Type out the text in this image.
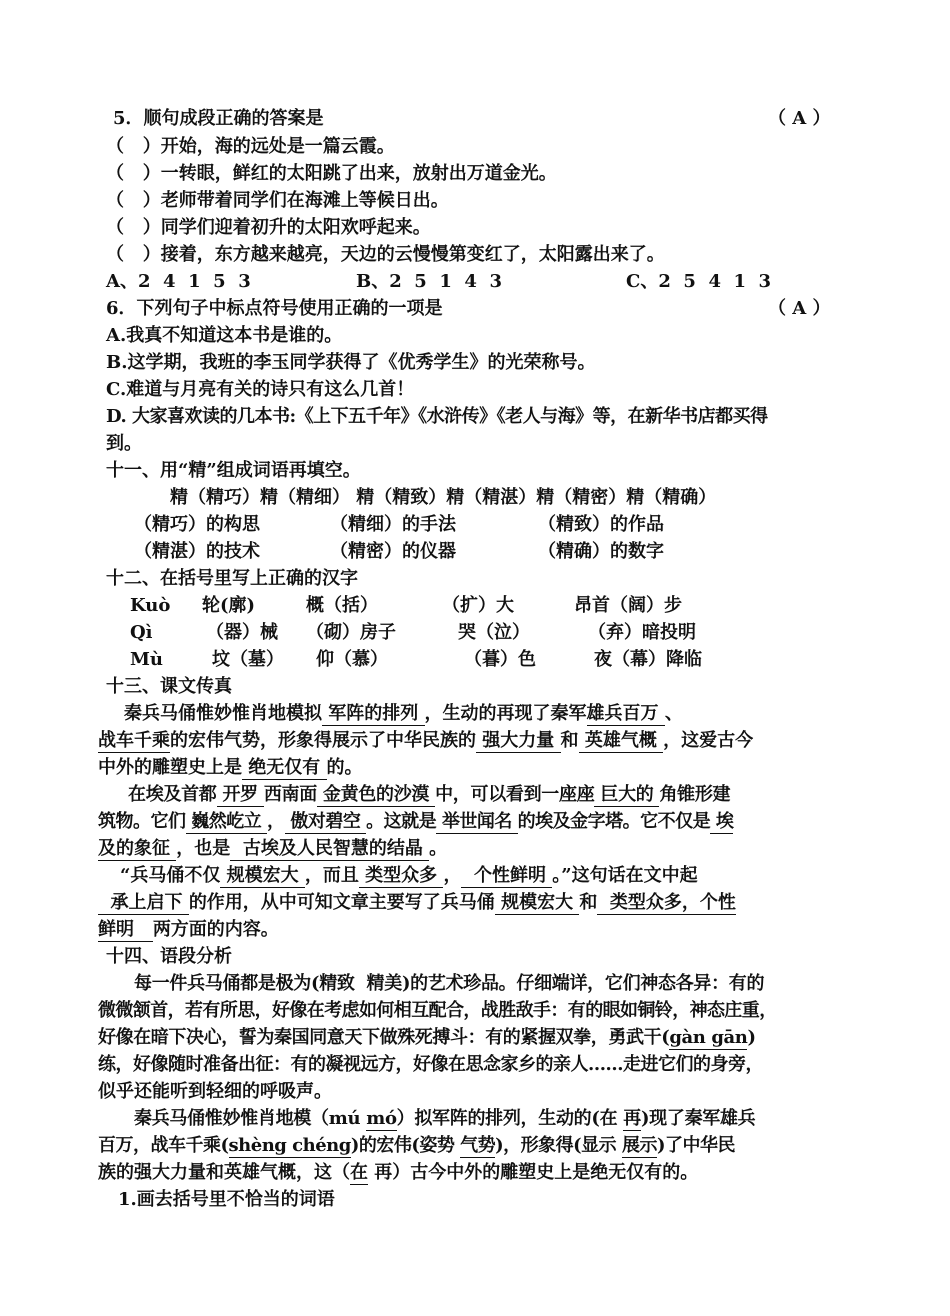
5．顺句成段正确的答案是	（ A ）
（   ）开始，海的远处是一篇云霞。
（   ）一转眼，鲜红的太阳跳了出来，放射出万道金光。
（   ）老师带着同学们在海滩上等候日出。
（   ）同学们迎着初升的太阳欢呼起来。
（   ）接着，东方越来越亮，天边的云慢慢第变红了，太阳露出来了。
A、2  4  1  5  3	B、2  5  1  4  3	C、2  5  4  1  3
6．下列句子中标点符号使用正确的一项是	（ A ）
A.我真不知道这本书是谁的。
B.这学期，我班的李玉同学获得了《优秀学生》的光荣称号。
C.难道与月亮有关的诗只有这么几首！
D. 大家喜欢读的几本书:《上下五千年》《水浒传》《老人与海》等，在新华书店都买得
到。
十一、用“精”组成词语再填空。
精（精巧）精（精细） 精（精致）精（精湛）精（精密）精（精确）
（精巧）的构思	（精细）的手法	（精致）的作品
（精湛）的技术	（精密）的仪器	（精确）的数字
十二、在括号里写上正确的汉字
Kuò 轮(廓)	概（括）	（扩）大	昂首（阔）步
Qì	（器）械 （砌）房子	哭（泣）	（弃）暗投明
Mù	坟（墓） 仰（慕）	（暮）色	夜（幕）降临
十三、课文传真
秦兵马俑惟妙惟肖地模拟 军阵的排列 ，生动的再现了秦军雄兵百万 、
战车千乘的宏伟气势，形象得展示了中华民族的 强大力量 和 英雄气概 ，这爱古今
中外的雕塑史上是 绝无仅有 的。
在埃及首都 开罗 西南面 金黄色的沙漠 中，可以看到一座座 巨大的 角锥形建
筑物。它们 巍然屹立 ， 傲对碧空 。这就是 举世闻名 的埃及金字塔。它不仅是 埃
及的象征 ，也是  古埃及人民智慧的结晶 。
“兵马俑不仅 规模宏大 ，而且 类型众多 ，  个性鲜明 。”这句话在文中起
承上启下 的作用，从中可知文章主要写了兵马俑 规模宏大 和  类型众多，个性
鲜明   两方面的内容。
十四、语段分析
每一件兵马俑都是极为(精致  精美)的艺术珍品。仔细端详，它们神态各异：有的
微微颔首，若有所思，好像在考虑如何相互配合，战胜敌手：有的眼如铜铃，神态庄重，
好像在暗下决心，誓为秦国同意天下做殊死搏斗：有的紧握双拳，勇武干(gàn gān)
练，好像随时准备出征：有的凝视远方，好像在思念家乡的亲人……走进它们的身旁，
似乎还能听到轻细的呼吸声。
秦兵马俑惟妙惟肖地模（mú mó）拟军阵的排列，生动的(在 再)现了秦军雄兵
百万，战车千乘(shèng chéng)的宏伟(姿势 气势)，形象得(显示 展示)了中华民
族的强大力量和英雄气概，这（在 再）古今中外的雕塑史上是绝无仅有的。
1.画去括号里不恰当的词语
